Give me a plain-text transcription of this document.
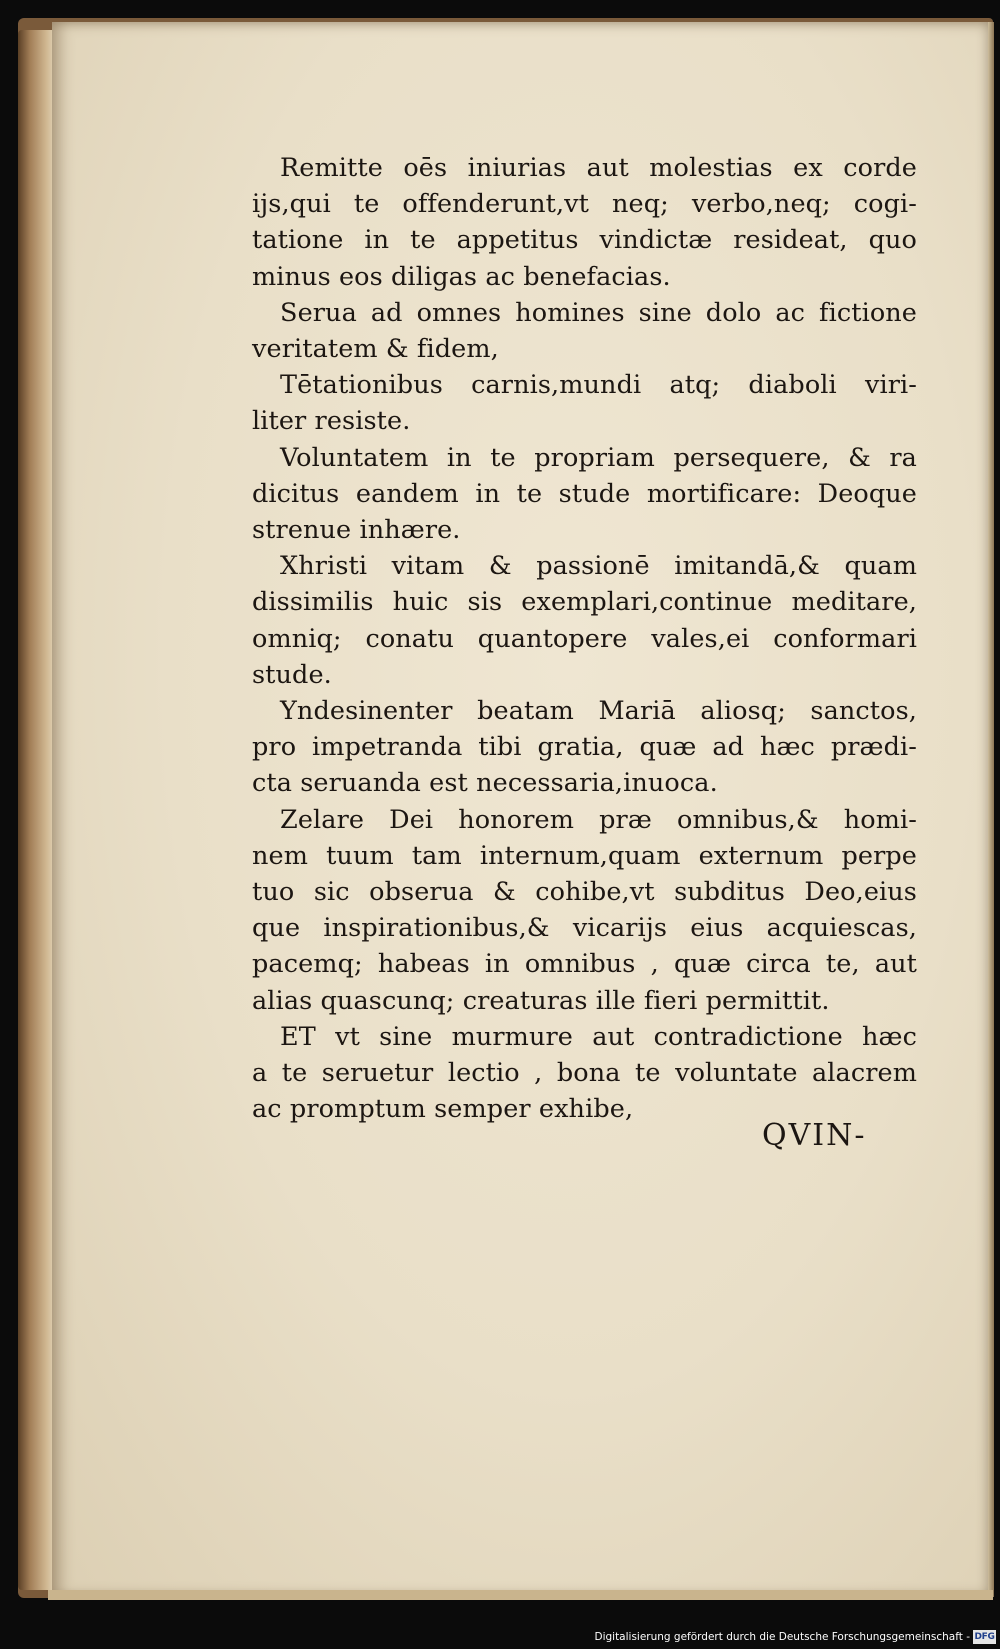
Remitte oēs iniurias aut molestias ex corde
ijs,qui te offenderunt,vt neq; verbo,neq; cogi-
tatione in te appetitus vindictæ resideat, quo
minus eos diligas ac benefacias.
Serua ad omnes homines sine dolo ac fictione
veritatem & fidem,
Tētationibus carnis,mundi atq; diaboli viri-
liter resiste.
Voluntatem in te propriam persequere, & ra
dicitus eandem in te stude mortificare: Deoque
strenue inhære.
Xhristi vitam & passionē imitandā,& quam
dissimilis huic sis exemplari,continue meditare,
omniq; conatu quantopere vales,ei conformari
stude.
Yndesinenter beatam Mariā aliosq; sanctos,
pro impetranda tibi gratia, quæ ad hæc prædi-
cta seruanda est necessaria,inuoca.
Zelare Dei honorem præ omnibus,& homi-
nem tuum tam internum,quam externum perpe
tuo sic obserua & cohibe,vt subditus Deo,eius
que inspirationibus,& vicarijs eius acquiescas,
pacemq; habeas in omnibus , quæ circa te, aut
alias quascunq; creaturas ille fieri permittit.
ET vt sine murmure aut contradictione hæc
a te seruetur lectio , bona te voluntate alacrem
ac promptum semper exhibe,
QVIN-
Digitalisierung gefördert durch die Deutsche Forschungsgemeinschaft - DFG
